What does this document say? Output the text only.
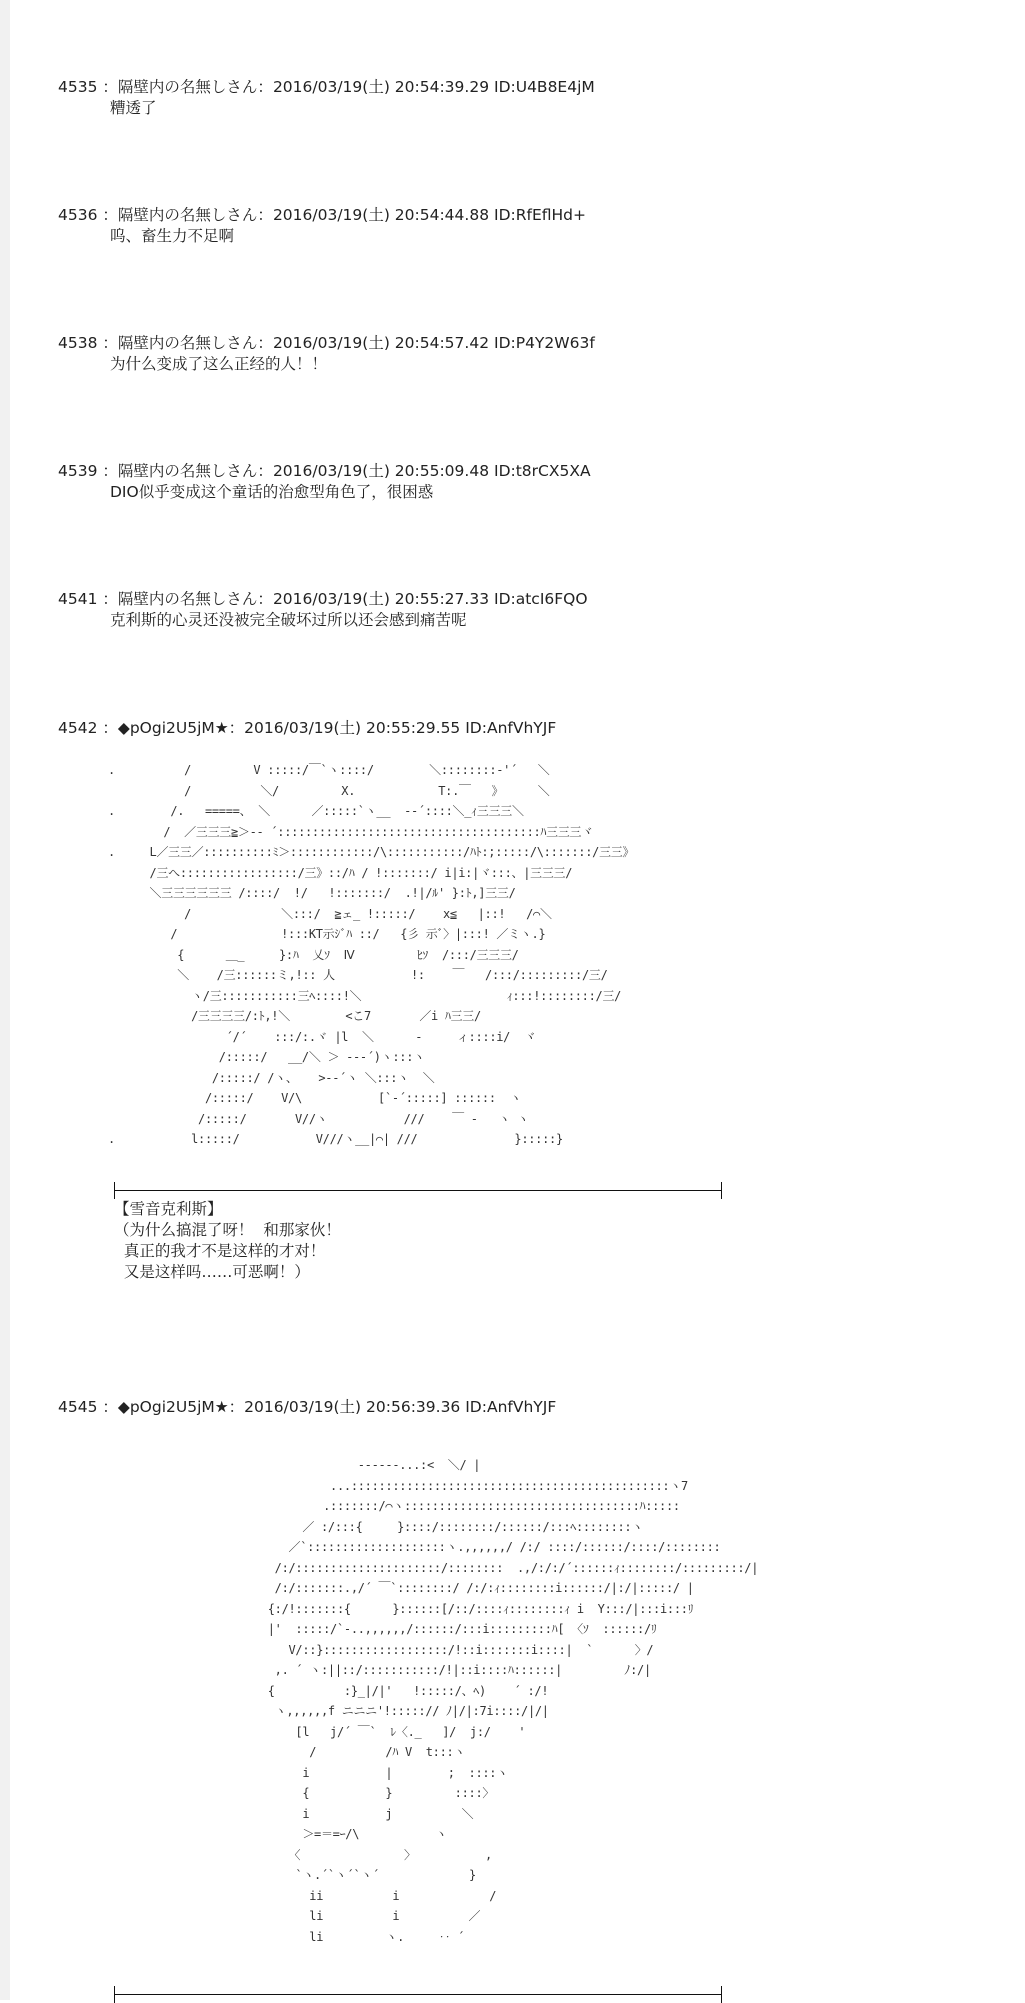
4535 ：隔壁内の名無しさん：2016/03/19(土) 20:54:39.29 ID:U4B8E4jM
糟透了
4536 ：隔壁内の名無しさん：2016/03/19(土) 20:54:44.88 ID:RfEflHd+
呜、畜生力不足啊
4538 ：隔壁内の名無しさん：2016/03/19(土) 20:54:57.42 ID:P4Y2W63f
为什么变成了这么正经的人！！
4539 ：隔壁内の名無しさん：2016/03/19(土) 20:55:09.48 ID:t8rCX5XA
DIO似乎变成这个童话的治愈型角色了，很困惑
4541 ：隔壁内の名無しさん：2016/03/19(土) 20:55:27.33 ID:atcI6FQO
克利斯的心灵还没被完全破坏过所以还会感到痛苦呢
4542 ：◆pOgi2U5jM★：2016/03/19(土) 20:55:29.55 ID:AnfVhYJF
.          /         V :::::/￣`ヽ::::/        ＼::::::::‐'´   ＼
/          ＼/         X.            T:.￣   》     ＼
.        /.   =====、 ＼      ／:::::`ヽ__  -‐´::::＼_ｨ三三三＼
/  ／三三三≧＞‐- ´::::::::::::::::::::::::::::::::::::::ﾊ三三三ヾ
.     L／三三／::::::::::ﾐ＞::::::::::::/\:::::::::::/ﾊﾄ:;:::::/\:::::::/三三》
/三へ:::::::::::::::::/三》::/ﾊ / !:::::::/ i|i:|ヾ:::、|三三三/
＼三三三三三三 /::::/  !/   !:::::::/  .!|/ﾙ' }:ﾄ,]三三/
/             ＼:::/  ≧ェ_ !:::::/    x≦   |::!   /⌒＼
/               !:::KT示ｼﾞﾊ ::/   {彡 示ﾞ〉|:::! ／ミヽ.}
{      ＿_     }:ﾊ  乂ｿ  Ⅳ         ﾋｿ  /:::/三三三/
＼    /三::::::ミ,!:: 人           !:    ￣   /:::/:::::::::/三/
ヽ/三:::::::::::三ﾍ::::!＼                     ｨ:::!::::::::/三/
/三三三三/:ﾄ,!＼        <こ7       ／i ﾊ三三/
´/´    :::/:.ヾ |l  ＼      ‐     ィ::::i/  ヾ
/:::::/   __/＼ ＞ ‐-‐´)ヽ:::ヽ
/:::::/ /ヽ、   >‐-´ヽ ＼:::ヽ  ＼
/:::::/    V/\           [`‐´:::::] ::::::  ヽ
/:::::/       V//ヽ           ///    ￣ ‐   ヽ ヽ
.           l:::::/           V///ヽ__|⌒| ///              }:::::}
【雪音克利斯】
（为什么搞混了呀！  和那家伙！
真正的我才不是这样的才对！
又是这样吗……可恶啊！）
4545 ：◆pOgi2U5jM★：2016/03/19(土) 20:56:39.36 ID:AnfVhYJF
-‐‐‐‐-...:<  ＼/ |
...::::::::::::::::::::::::::::::::::::::::::::::ヽ7
.:::::::/⌒ヽ::::::::::::::::::::::::::::::::::ﾊ:::::
／ :/:::{     }::::/::::::::/::::::/:::ﾍ::::::::ヽ
／`::::::::::::::::::::ヽ.,,,,,,/ /:/ ::::/::::::/::::/::::::::
/:/:::::::::::::::::::::/::::::::  .,/:/:/´::::::ｨ::::::::/:::::::::/|
/:/:::::::.,/´ ￣`::::::::/ /:/:ｨ::::::::i::::::/|:/|:::::/ |
{:/!:::::::{      }::::::[/::/::::ｨ::::::::ｨ i  Y:::/|:::i:::ﾘ
|'  :::::/`‐..,,,,,,/::::::/:::i:::::::::ﾊ[ 〈ｿ  ::::::/ﾘ
V/::}::::::::::::::::::/!::i:::::::i::::|  `      〉/
,. ´ ヽ:||::/:::::::::::/!|::i::::ﾊ::::::|         ﾉ:/|
{          :}_|/|'   !:::::/、ﾍ)    ´ :/!
ヽ,,,,,,f ニニニ'!:::::// ﾉ|/|:7i::::/|/|
[l   j/´ ￣`  ﾚ〈._   ]/  j:/    '
/          /ﾊ V  t:::ヽ
i           |        ;  ::::ヽ
{           }         ::::〉
i           j          ＼
＞=＝=ｰ/\           ヽ
〈               〉          ,
`ヽ.´`ヽ´`ヽ´             }
ii          i             /
li          i          ／
li         ヽ.     ‥ ´
